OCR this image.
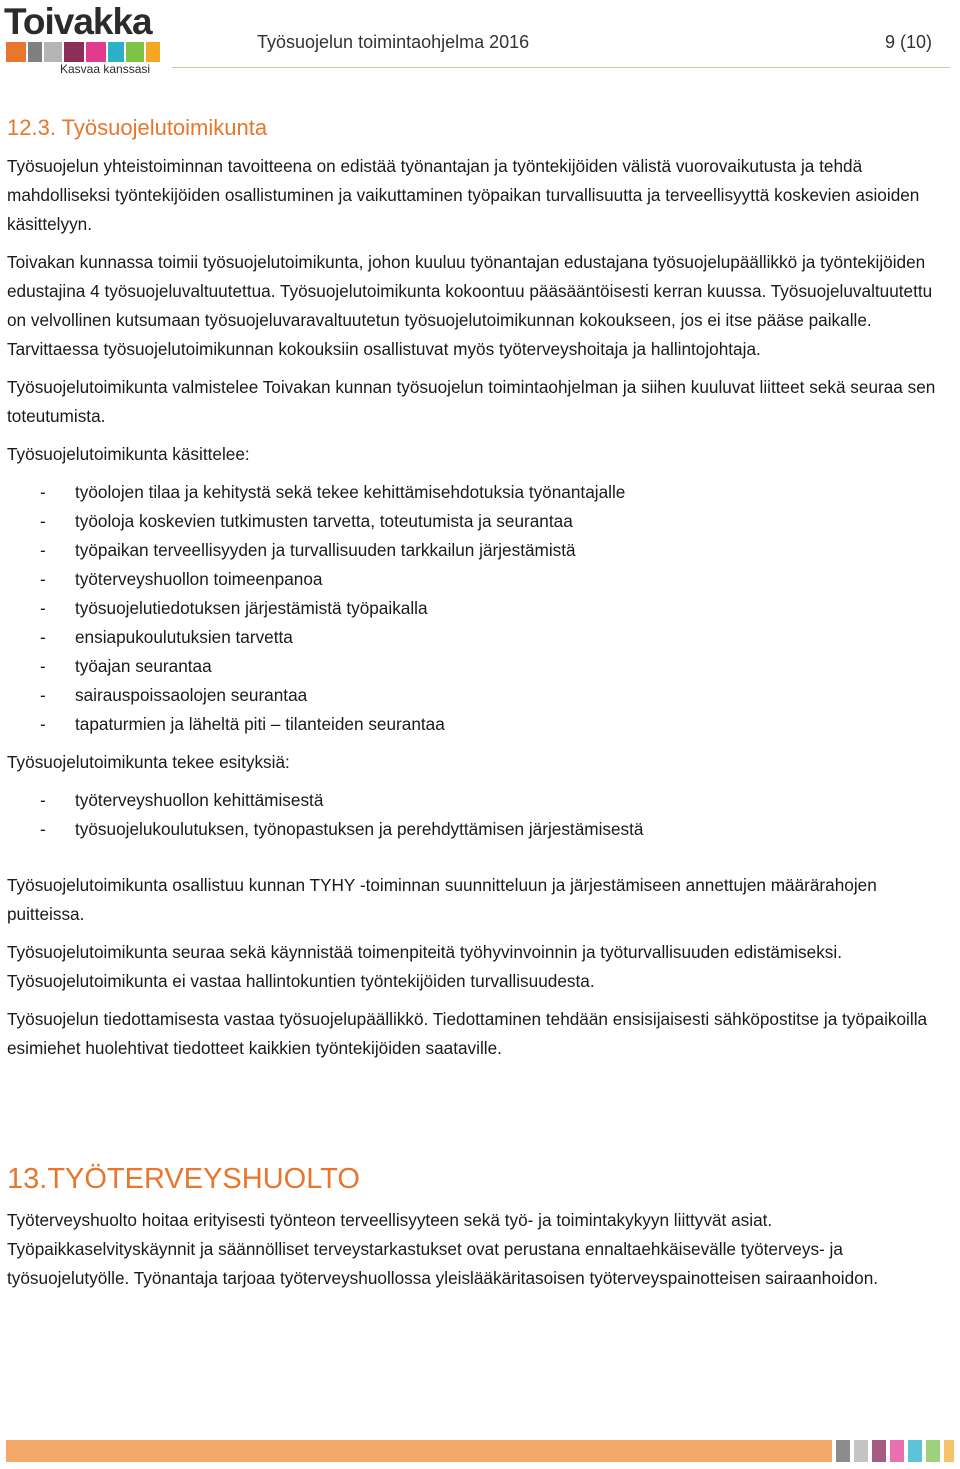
Toivakka
Kasvaa kanssasi
Työsuojelun toimintaohjelma 2016	9 (10)
12.3. Työsuojelutoimikunta

Työsuojelun yhteistoiminnan tavoitteena on edistää työnantajan ja työntekijöiden välistä vuorovaikutusta ja tehdä mahdolliseksi työntekijöiden osallistuminen ja vaikuttaminen työpaikan turvallisuutta ja terveellisyyttä koskevien asioiden käsittelyyn.

Toivakan kunnassa toimii työsuojelutoimikunta, johon kuuluu työnantajan edustajana työsuojelupäällikkö ja työntekijöiden edustajina 4 työsuojeluvaltuutettua. Työsuojelutoimikunta kokoontuu pääsääntöisesti kerran kuussa. Työsuojeluvaltuutettu on velvollinen kutsumaan työsuojeluvaravaltuutetun työsuojelutoimikunnan kokoukseen, jos ei itse pääse paikalle. Tarvittaessa työsuojelutoimikunnan kokouksiin osallistuvat myös työterveyshoitaja ja hallintojohtaja.

Työsuojelutoimikunta valmistelee Toivakan kunnan työsuojelun toimintaohjelman ja siihen kuuluvat liitteet sekä seuraa sen toteutumista.

Työsuojelutoimikunta käsittelee:

- työolojen tilaa ja kehitystä sekä tekee kehittämisehdotuksia työnantajalle
- työoloja koskevien tutkimusten tarvetta, toteutumista ja seurantaa
- työpaikan terveellisyyden ja turvallisuuden tarkkailun järjestämistä
- työterveyshuollon toimeenpanoa
- työsuojelutiedotuksen järjestämistä työpaikalla
- ensiapukoulutuksien tarvetta
- työajan seurantaa
- sairauspoissaolojen seurantaa
- tapaturmien ja läheltä piti – tilanteiden seurantaa

Työsuojelutoimikunta tekee esityksiä:

- työterveyshuollon kehittämisestä
- työsuojelukoulutuksen, työnopastuksen ja perehdyttämisen järjestämisestä

Työsuojelutoimikunta osallistuu kunnan TYHY -toiminnan suunnitteluun ja järjestämiseen annettujen määrärahojen puitteissa.

Työsuojelutoimikunta seuraa sekä käynnistää toimenpiteitä työhyvinvoinnin ja työturvallisuuden edistämiseksi. Työsuojelutoimikunta ei vastaa hallintokuntien työntekijöiden turvallisuudesta.

Työsuojelun tiedottamisesta vastaa työsuojelupäällikkö. Tiedottaminen tehdään ensisijaisesti sähköpostitse ja työpaikoilla esimiehet huolehtivat tiedotteet kaikkien työntekijöiden saataville.

13.TYÖTERVEYSHUOLTO

Työterveyshuolto hoitaa erityisesti työnteon terveellisyyteen sekä työ- ja toimintakykyyn liittyvät asiat. Työpaikkaselvityskäynnit ja säännölliset terveystarkastukset ovat perustana ennaltaehkäisevälle työterveys- ja työsuojelutyölle. Työnantaja tarjoaa työterveyshuollossa yleislääkäritasoisen työterveyspainotteisen sairaanhoidon.
